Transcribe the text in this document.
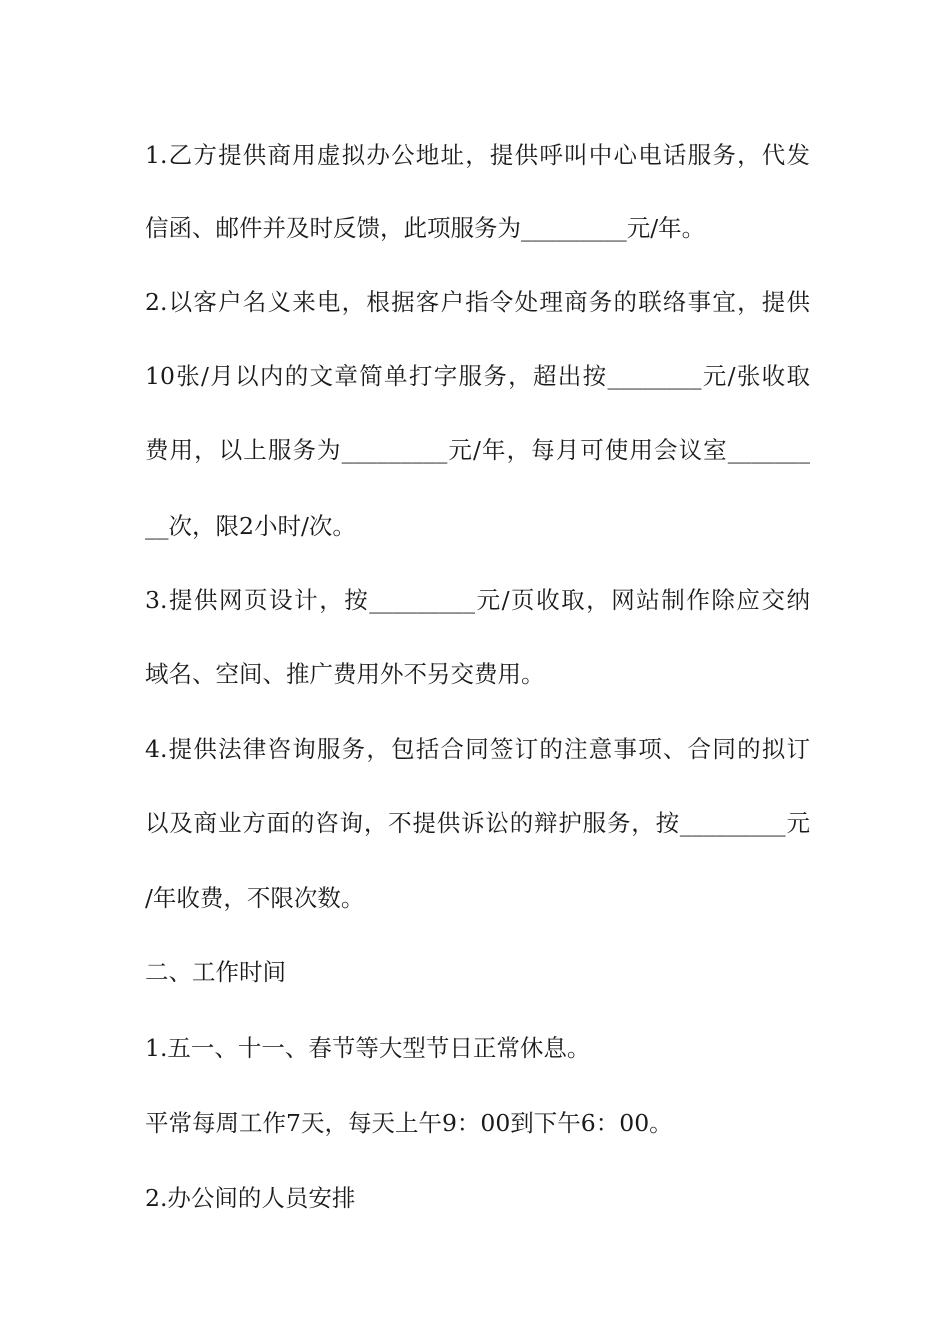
1.乙方提供商用虚拟办公地址，提供呼叫中心电话服务，代发
信函、邮件并及时反馈，此项服务为_________元/年。
2.以客户名义来电，根据客户指令处理商务的联络事宜，提供
10张/月以内的文章简单打字服务，超出按________元/张收取
费用，以上服务为_________元/年，每月可使用会议室_______
__次，限2小时/次。
3.提供网页设计，按_________元/页收取，网站制作除应交纳
域名、空间、推广费用外不另交费用。
4.提供法律咨询服务，包括合同签订的注意事项、合同的拟订
以及商业方面的咨询，不提供诉讼的辩护服务，按_________元
/年收费，不限次数。
二、工作时间
1.五一、十一、春节等大型节日正常休息。
平常每周工作7天，每天上午9：00到下午6：00。
2.办公间的人员安排
